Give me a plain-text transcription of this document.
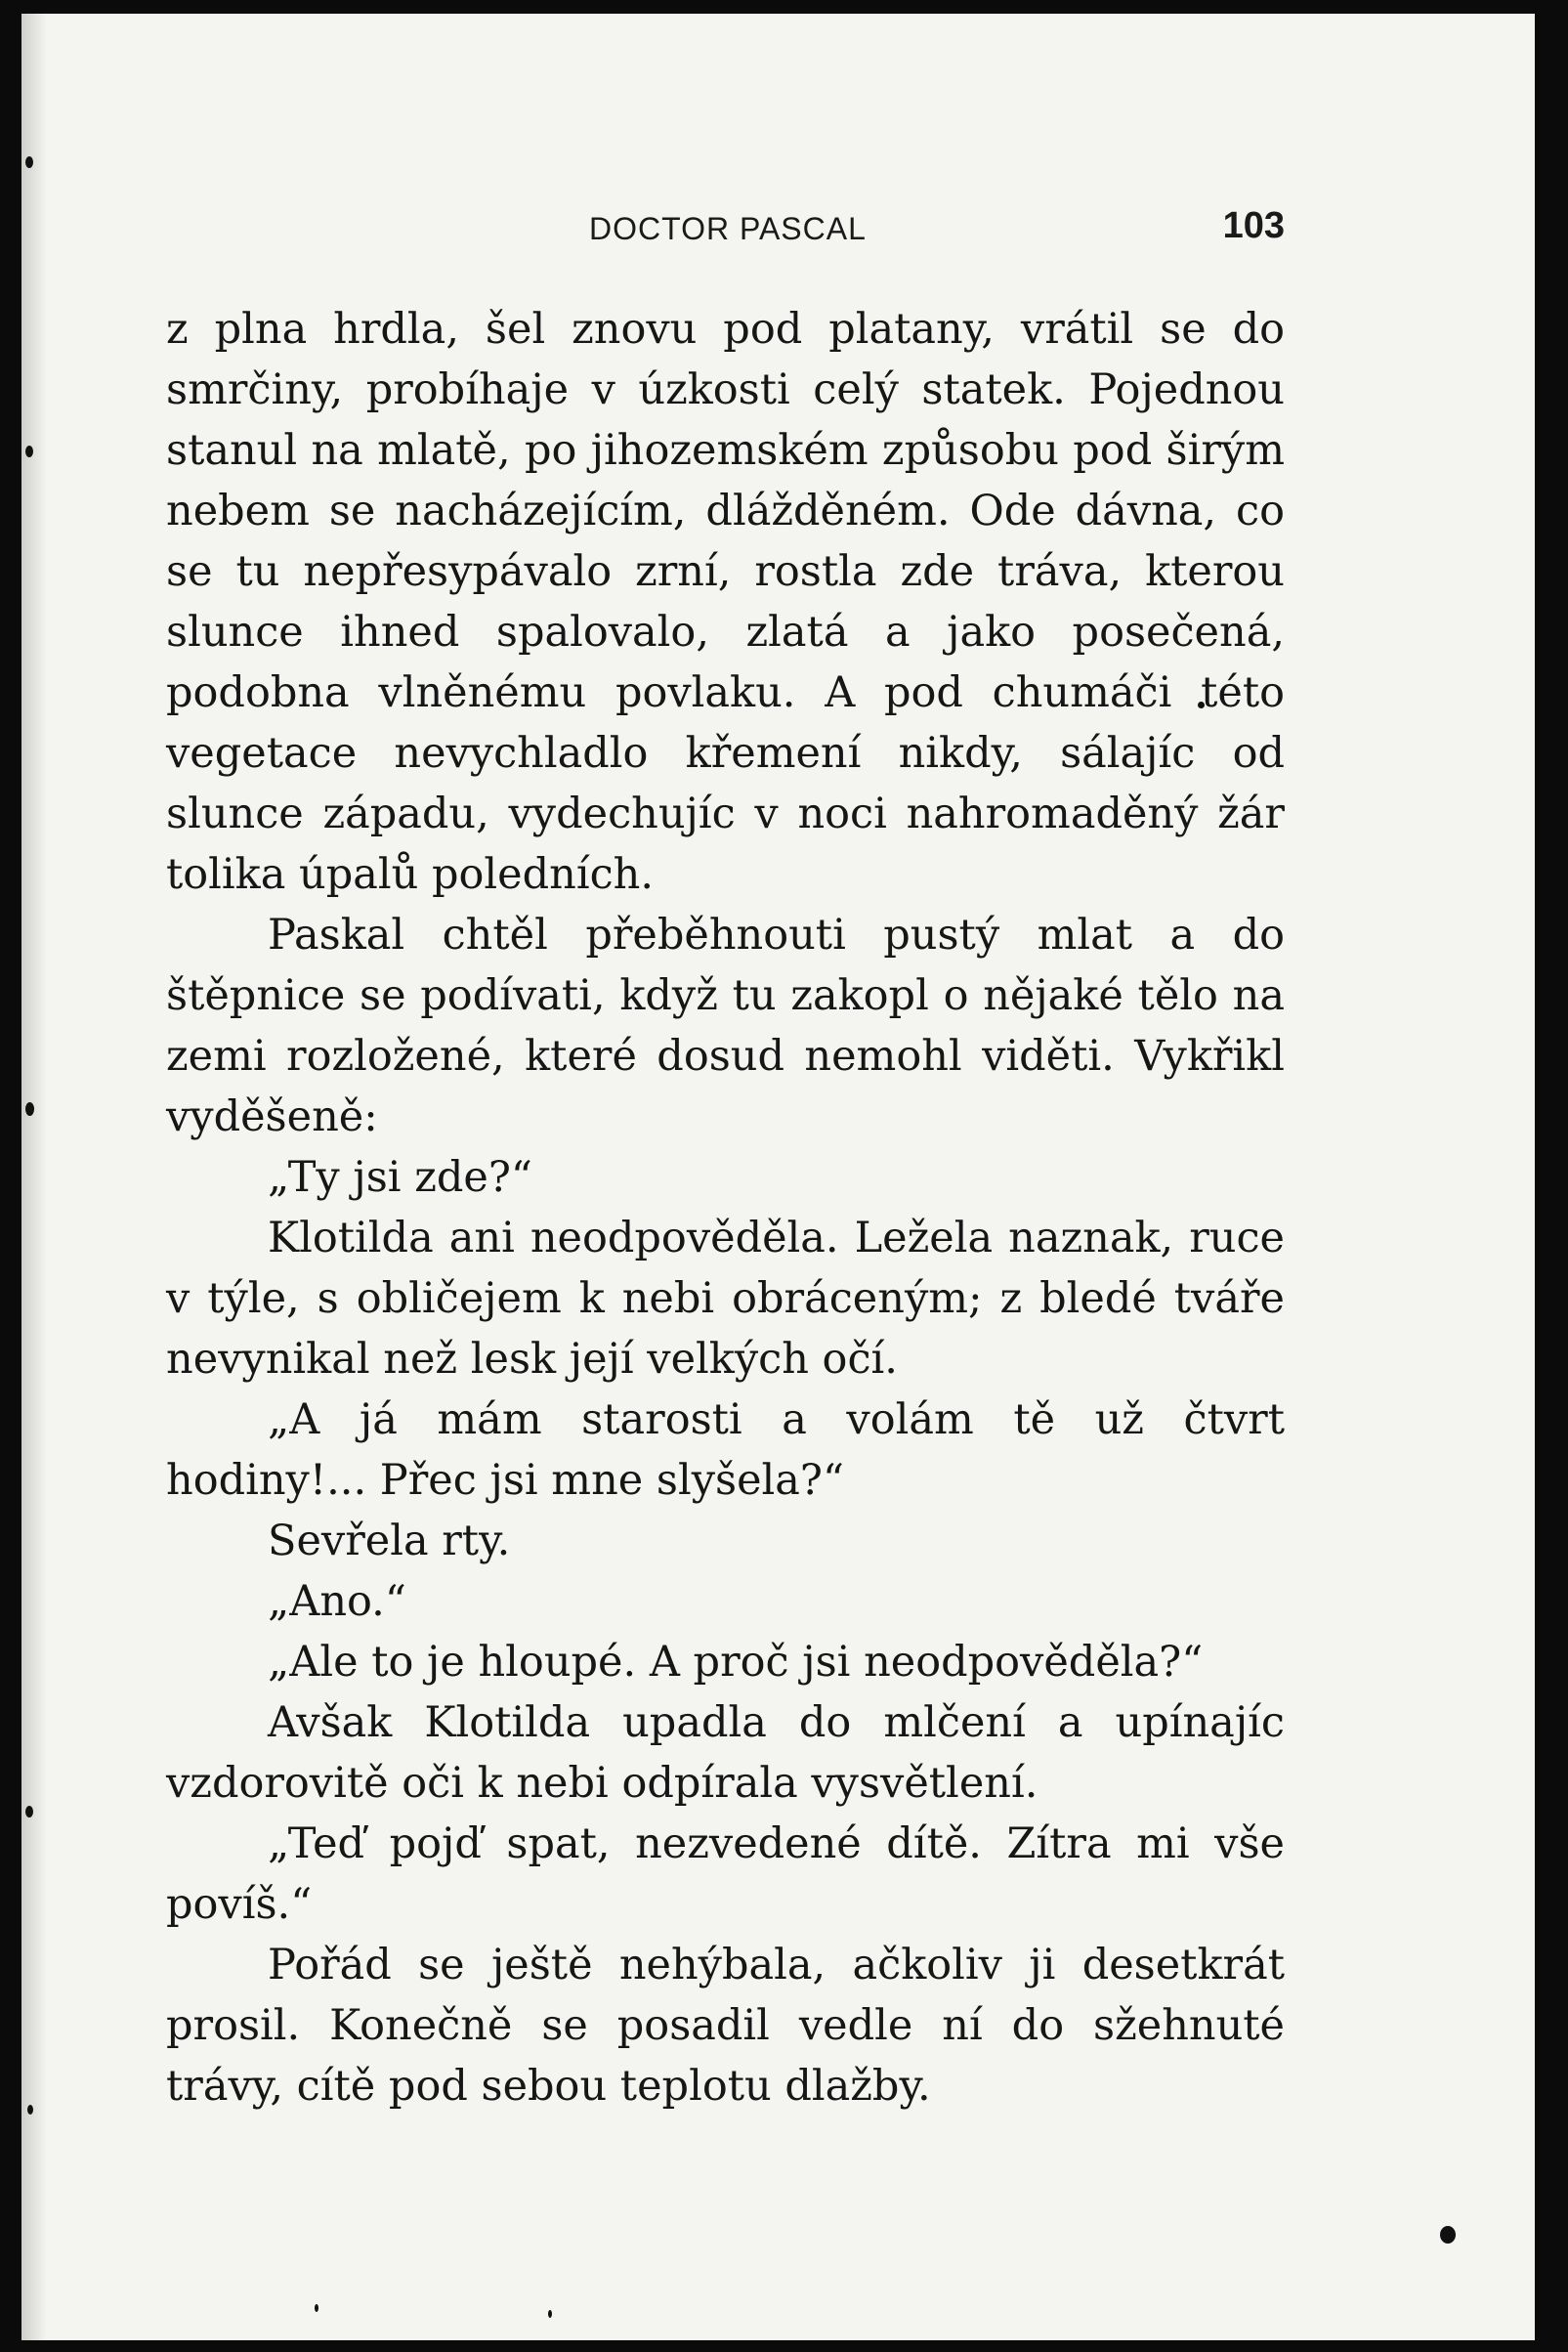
DOCTOR PASCAL	103

z plna hrdla, šel znovu pod platany, vrátil se do smrčiny, probíhaje v úzkosti celý statek. Pojednou stanul na mlatě, po jihozemském způsobu pod širým nebem se nacházejícím, dlážděném. Ode dávna, co se tu nepřesypávalo zrní, rostla zde tráva, kterou slunce ihned spalovalo, zlatá a jako posečená, podobna vlněnému povlaku. A pod chumáči této vegetace nevychladlo křemení nikdy, sálajíc od slunce západu, vydechujíc v noci nahromaděný žár tolika úpalů poledních.

Paskal chtěl přeběhnouti pustý mlat a do štěpnice se podívati, když tu zakopl o nějaké tělo na zemi rozložené, které dosud nemohl viděti. Vykřikl vyděšeně:

„Ty jsi zde?“

Klotilda ani neodpověděla. Ležela naznak, ruce v týle, s obličejem k nebi obráceným; z bledé tváře nevynikal než lesk její velkých očí.

„A já mám starosti a volám tě už čtvrt hodiny!... Přec jsi mne slyšela?“

Sevřela rty.

„Ano.“

„Ale to je hloupé. A proč jsi neodpověděla?“

Avšak Klotilda upadla do mlčení a upínajíc vzdorovitě oči k nebi odpírala vysvětlení.

„Teď pojď spat, nezvedené dítě. Zítra mi vše povíš.“

Pořád se ještě nehýbala, ačkoliv ji desetkrát prosil. Konečně se posadil vedle ní do sžehnuté trávy, cítě pod sebou teplotu dlažby.
